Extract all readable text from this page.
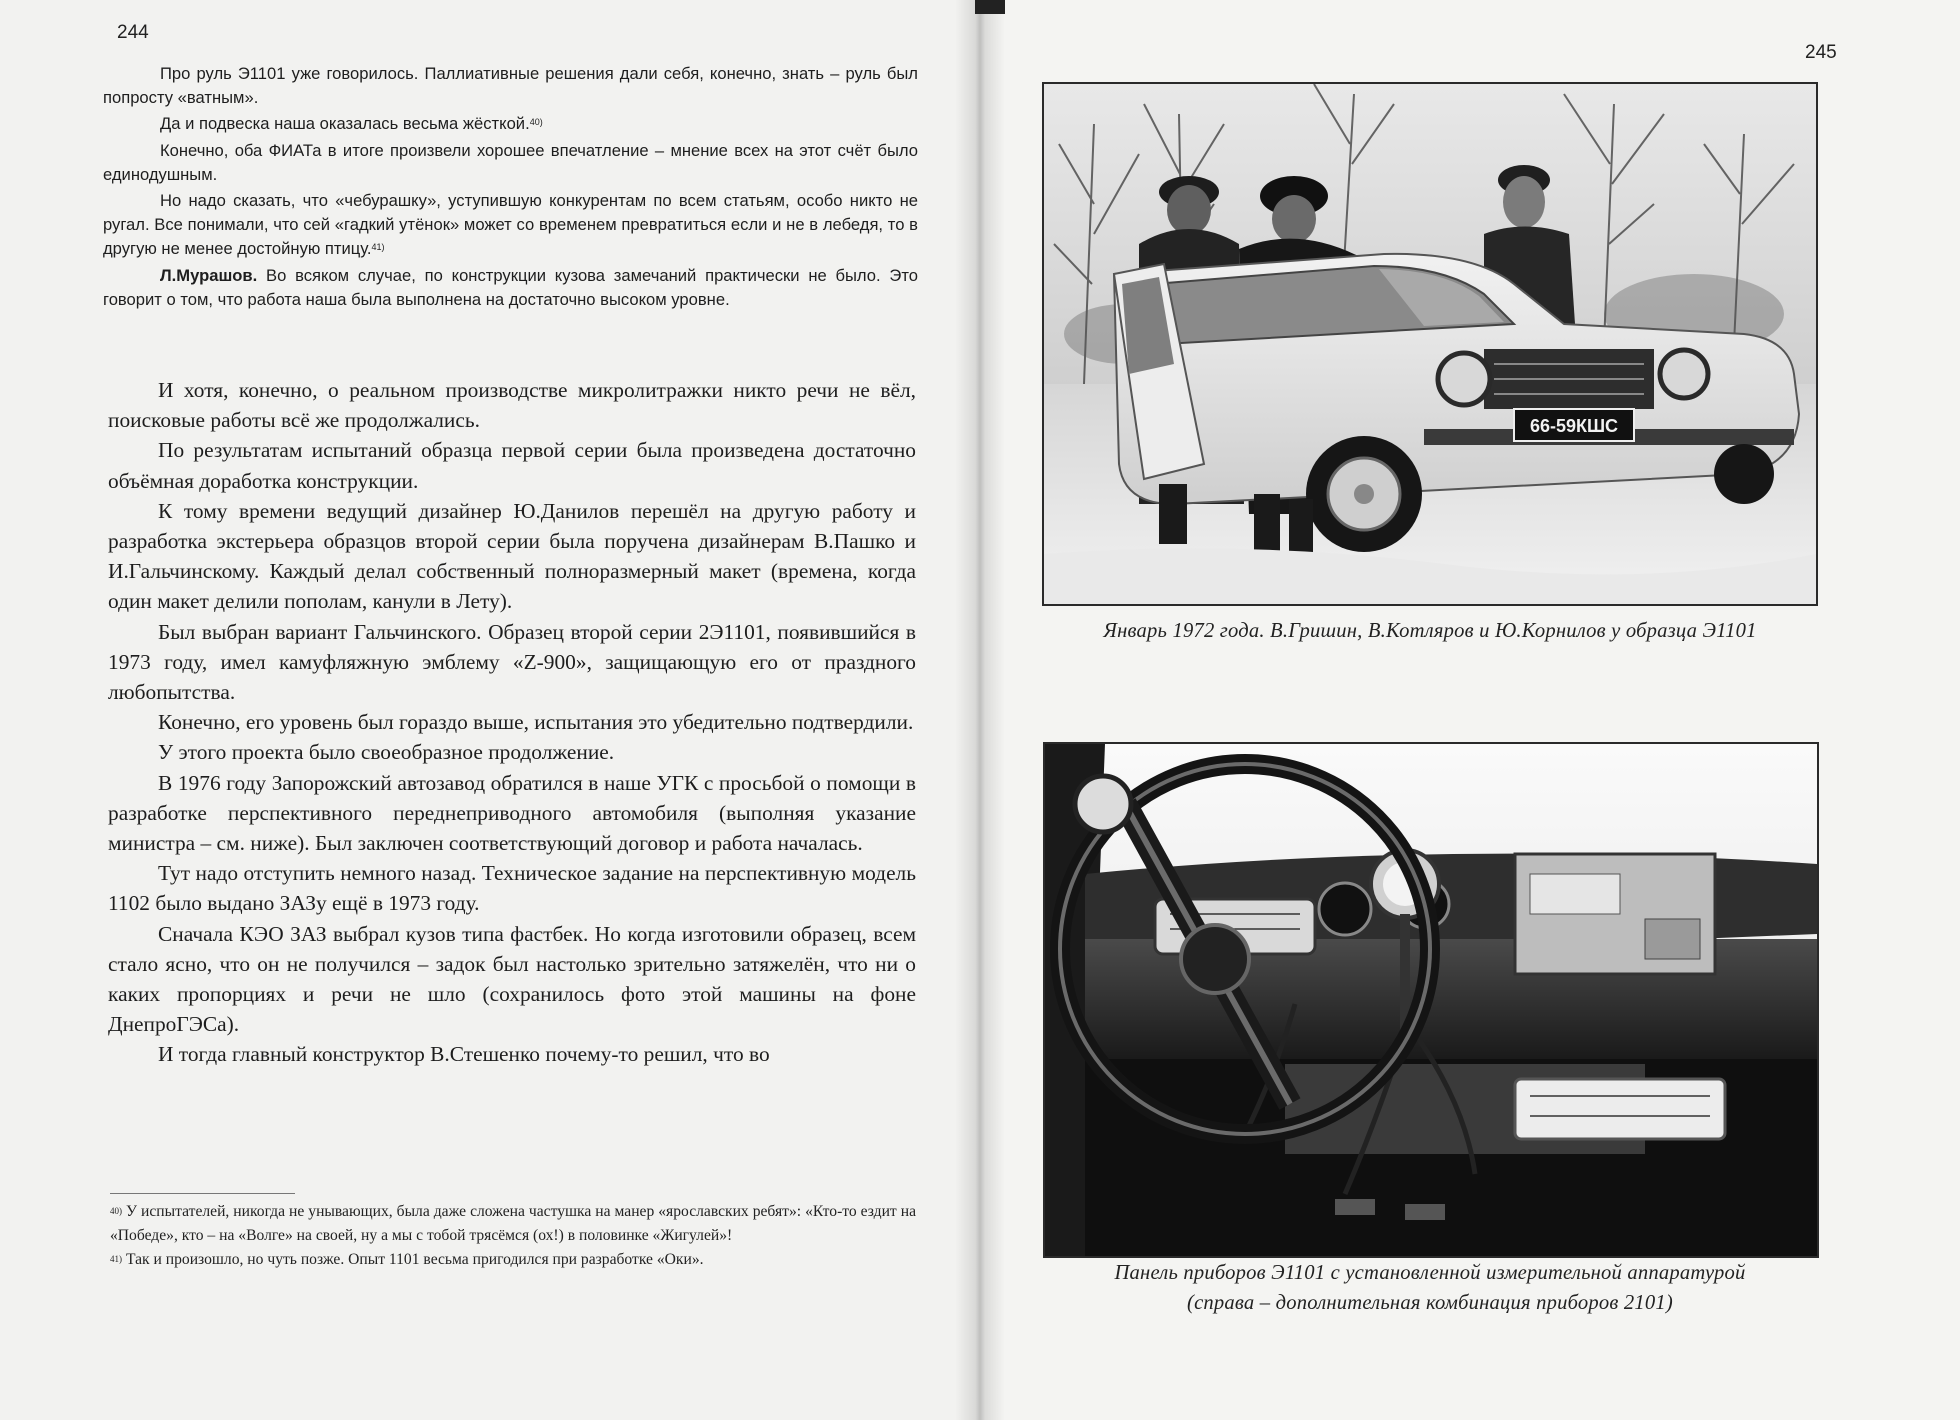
244

Про руль Э1101 уже говорилось. Паллиативные решения дали себя, конечно, знать – руль был попросту «ватным».

Да и подвеска наша оказалась весьма жёсткой.$^{40)}$

Конечно, оба ФИАТа в итоге произвели хорошее впечатление – мнение всех на этот счёт было единодушным.

Но надо сказать, что «чебурашку», уступившую конкурентам по всем статьям, особо никто не ругал. Все понимали, что сей «гадкий утёнок» может со временем превратиться если и не в лебедя, то в другую не менее достойную птицу.$^{41)}$

Л.Мурашов. Во всяком случае, по конструкции кузова замечаний практически не было. Это говорит о том, что работа наша была выполнена на достаточно высоком уровне.

И хотя, конечно, о реальном производстве микролитражки никто речи не вёл, поисковые работы всё же продолжались.

По результатам испытаний образца первой серии была произведена достаточно объёмная доработка конструкции.

К тому времени ведущий дизайнер Ю.Данилов перешёл на другую работу и разработка экстерьера образцов второй серии была поручена дизайнерам В.Пашко и И.Гальчинскому. Каждый делал собственный полноразмерный макет (времена, когда один макет делили пополам, канули в Лету).

Был выбран вариант Гальчинского. Образец второй серии 2Э1101, появившийся в 1973 году, имел камуфляжную эмблему «Z-900», защищающую его от праздного любопытства.

Конечно, его уровень был гораздо выше, испытания это убедительно подтвердили.

У этого проекта было своеобразное продолжение.

В 1976 году Запорожский автозавод обратился в наше УГК с просьбой о помощи в разработке перспективного переднеприводного автомобиля (выполняя указание министра – см. ниже). Был заключен соответствующий договор и работа началась.

Тут надо отступить немного назад. Техническое задание на перспективную модель 1102 было выдано ЗАЗу ещё в 1973 году.

Сначала КЭО ЗАЗ выбрал кузов типа фастбек. Но когда изготовили образец, всем стало ясно, что он не получился – задок был настолько зрительно затяжелён, что ни о каких пропорциях и речи не шло (сохранилось фото этой машины на фоне ДнепроГЭСа).

И тогда главный конструктор В.Стешенко почему-то решил, что во

$^{40)}$ У испытателей, никогда не унывающих, была даже сложена частушка на манер «ярославских ребят»: «Кто-то ездит на «Победе», кто – на «Волге» на своей, ну а мы с тобой трясёмся (ох!) в половинке «Жигулей»!

$^{41)}$ Так и произошло, но чуть позже. Опыт 1101 весьма пригодился при разработке «Оки».

245
66-59КШС
Январь 1972 года. В.Гришин, В.Котляров и Ю.Корнилов у образца Э1101
Панель приборов Э1101 с установленной измерительной аппаратурой
(справа – дополнительная комбинация приборов 2101)
